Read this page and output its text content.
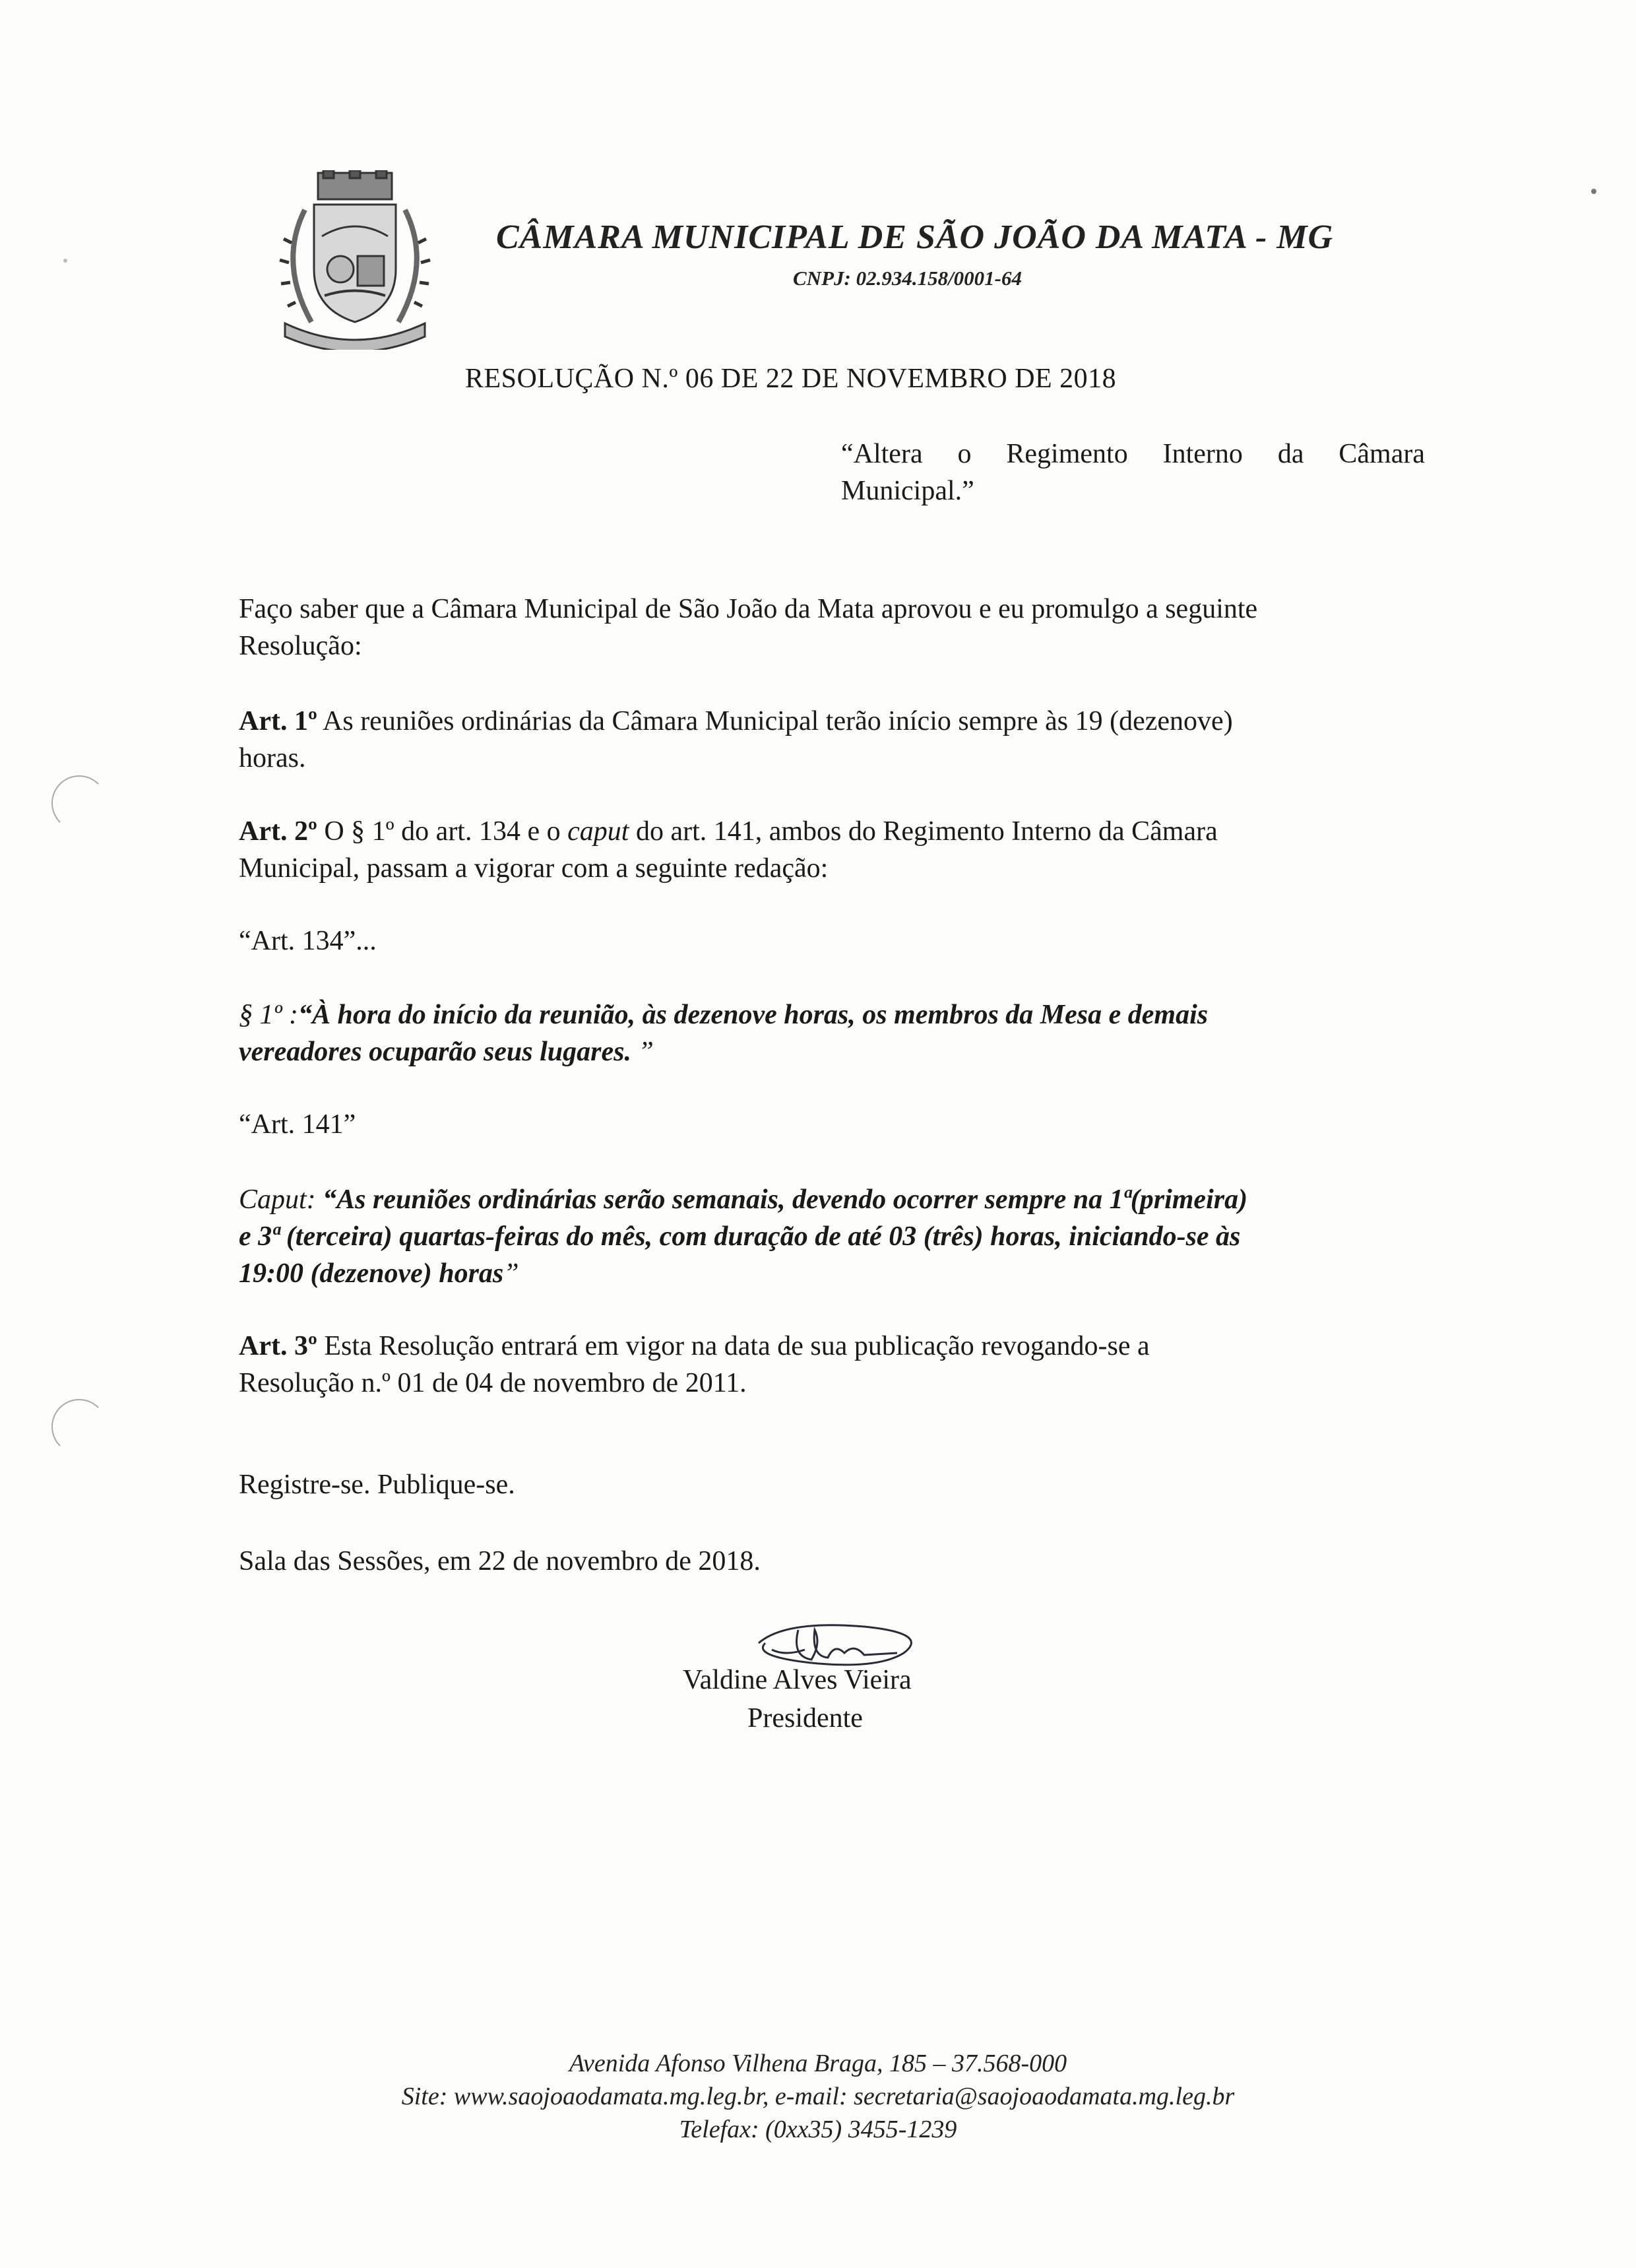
CÂMARA MUNICIPAL DE SÃO JOÃO DA MATA - MG
CNPJ: 02.934.158/0001-64
RESOLUÇÃO N.º 06 DE 22 DE NOVEMBRO DE 2018
“Altera o Regimento Interno da Câmara
Municipal.”
Faço saber que a Câmara Municipal de São João da Mata aprovou e eu promulgo a seguinte
Resolução:
Art. 1º As reuniões ordinárias da Câmara Municipal terão início sempre às 19 (dezenove)
horas.
Art. 2º O § 1º do art. 134 e o caput do art. 141, ambos do Regimento Interno da Câmara
Municipal, passam a vigorar com a seguinte redação:
“Art. 134”...
§ 1º :“À hora do início da reunião, às dezenove horas, os membros da Mesa e demais
vereadores ocuparão seus lugares. ”
“Art. 141”
Caput: “As reuniões ordinárias serão semanais, devendo ocorrer sempre na 1ª(primeira)
e 3ª (terceira) quartas-feiras do mês, com duração de até 03 (três) horas, iniciando-se às
19:00 (dezenove) horas”
Art. 3º Esta Resolução entrará em vigor na data de sua publicação revogando-se a
Resolução n.º 01 de 04 de novembro de 2011.
Registre-se. Publique-se.
Sala das Sessões, em 22 de novembro de 2018.
Valdine Alves Vieira
Presidente
Avenida Afonso Vilhena Braga, 185 – 37.568-000
Site: www.saojoaodamata.mg.leg.br, e-mail: secretaria@saojoaodamata.mg.leg.br
Telefax: (0xx35) 3455-1239
